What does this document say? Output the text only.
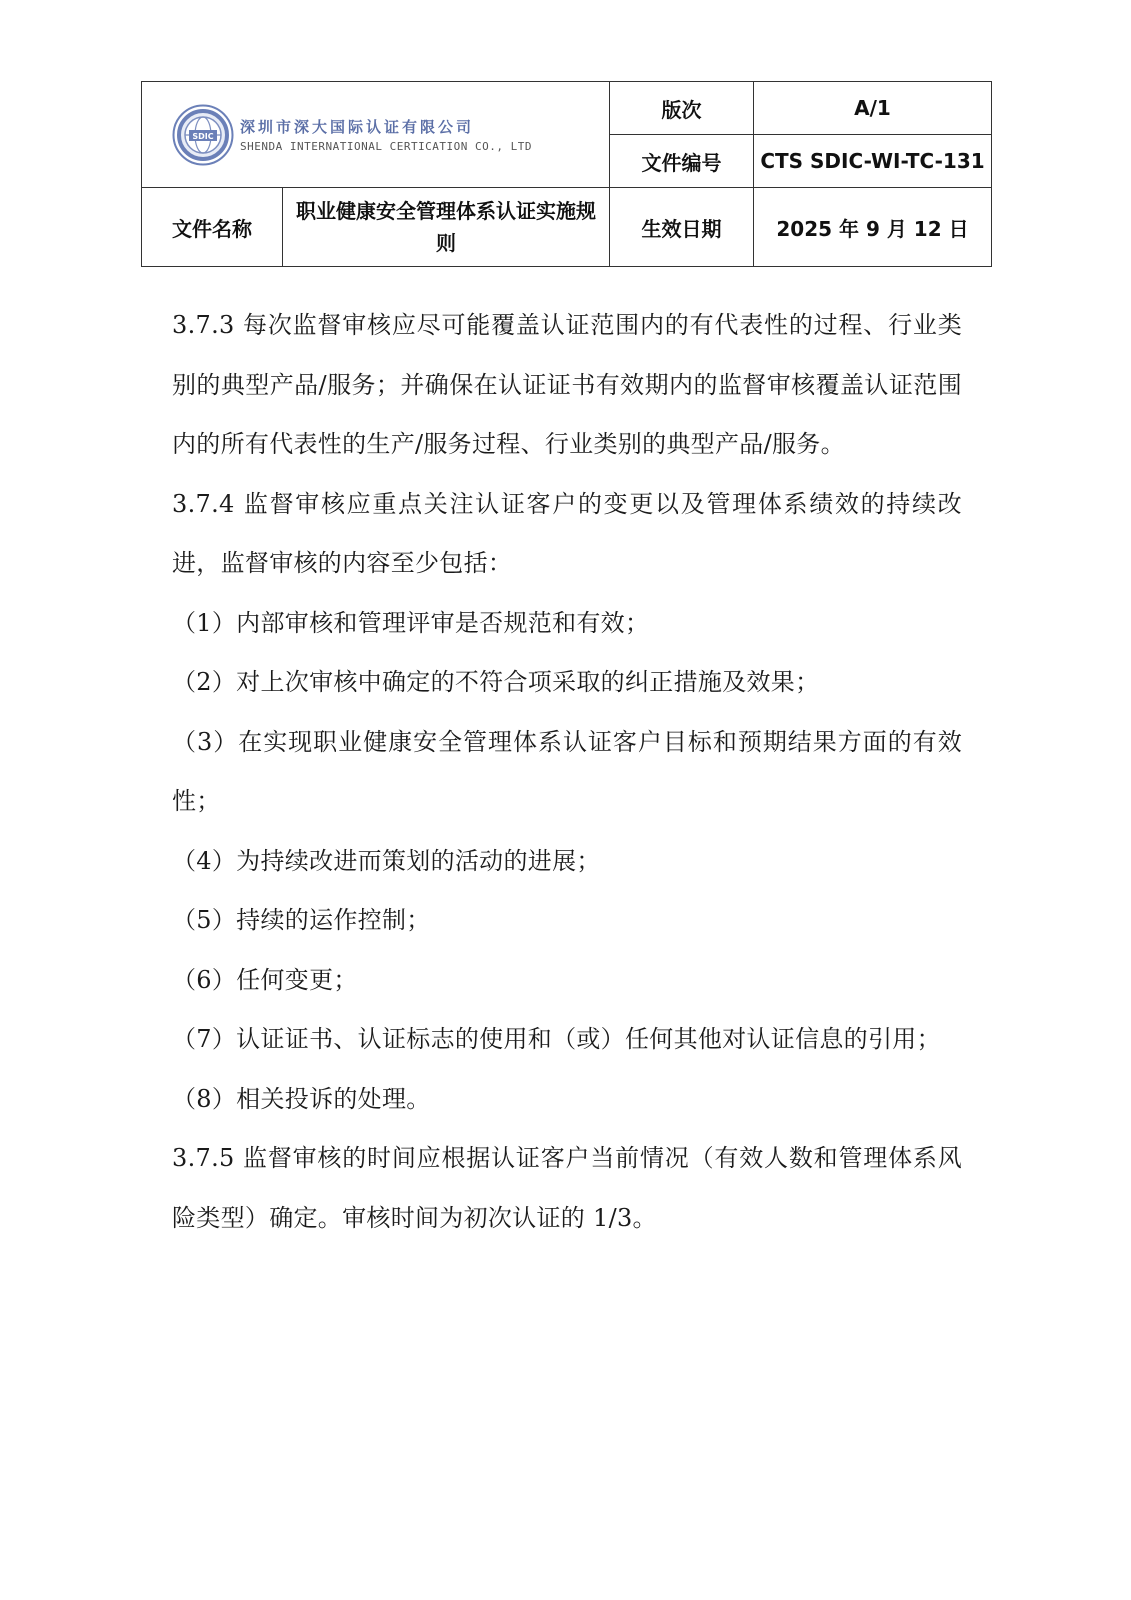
SDIC 深圳市深大国际认证有限公司
SHENDA INTERNATIONAL CERTICATION CO., LTD		版次	A/1
		文件编号	CTS SDIC-WI-TC-131
文件名称	职业健康安全管理体系认证实施规则	生效日期	2025 年 9 月 12 日

3.7.3 每次监督审核应尽可能覆盖认证范围内的有代表性的过程、行业类别的典型产品/服务；并确保在认证证书有效期内的监督审核覆盖认证范围内的所有代表性的生产/服务过程、行业类别的典型产品/服务。

3.7.4 监督审核应重点关注认证客户的变更以及管理体系绩效的持续改进，监督审核的内容至少包括：

（1）内部审核和管理评审是否规范和有效；

（2）对上次审核中确定的不符合项采取的纠正措施及效果；

（3）在实现职业健康安全管理体系认证客户目标和预期结果方面的有效性；

（4）为持续改进而策划的活动的进展；

（5）持续的运作控制；

（6）任何变更；

（7）认证证书、认证标志的使用和（或）任何其他对认证信息的引用；

（8）相关投诉的处理。

3.7.5 监督审核的时间应根据认证客户当前情况（有效人数和管理体系风险类型）确定。审核时间为初次认证的 1/3。
